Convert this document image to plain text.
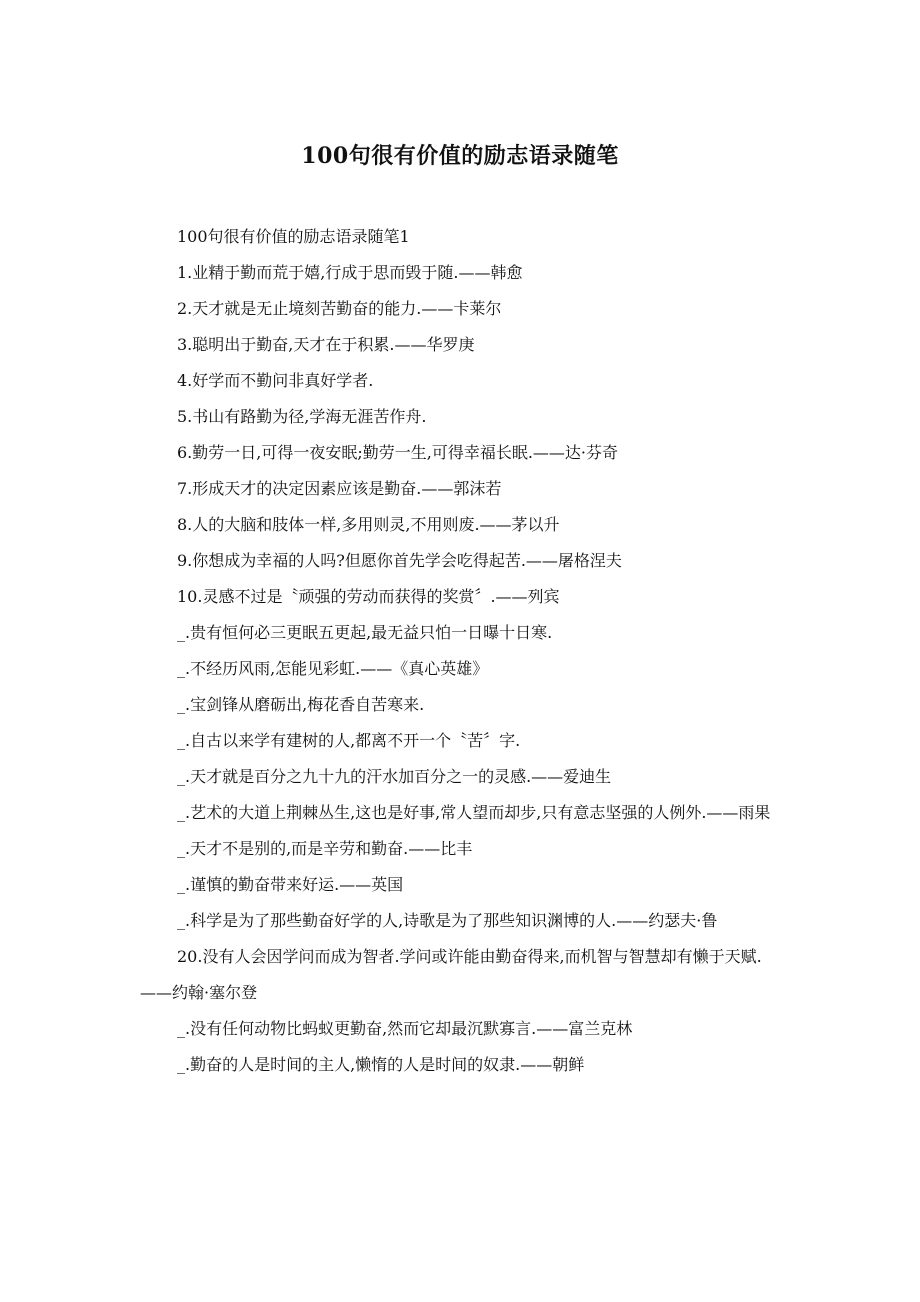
100句很有价值的励志语录随笔

100句很有价值的励志语录随笔1

1.业精于勤而荒于嬉,行成于思而毁于随.——韩愈

2.天才就是无止境刻苦勤奋的能力.——卡莱尔

3.聪明出于勤奋,天才在于积累.——华罗庚

4.好学而不勤问非真好学者.

5.书山有路勤为径,学海无涯苦作舟.

6.勤劳一日,可得一夜安眠;勤劳一生,可得幸福长眠.——达·芬奇

7.形成天才的决定因素应该是勤奋.——郭沫若

8.人的大脑和肢体一样,多用则灵,不用则废.——茅以升

9.你想成为幸福的人吗?但愿你首先学会吃得起苦.——屠格涅夫

10.灵感不过是〝顽强的劳动而获得的奖赏〞.——列宾

_.贵有恒何必三更眠五更起,最无益只怕一日曝十日寒.

_.不经历风雨,怎能见彩虹.——《真心英雄》

_.宝剑锋从磨砺出,梅花香自苦寒来.

_.自古以来学有建树的人,都离不开一个〝苦〞字.

_.天才就是百分之九十九的汗水加百分之一的灵感.——爱迪生

_.艺术的大道上荆棘丛生,这也是好事,常人望而却步,只有意志坚强的人例外.——雨果

_.天才不是别的,而是辛劳和勤奋.——比丰

_.谨慎的勤奋带来好运.——英国

_.科学是为了那些勤奋好学的人,诗歌是为了那些知识渊博的人.——约瑟夫·鲁

20.没有人会因学问而成为智者.学问或许能由勤奋得来,而机智与智慧却有懒于天赋.——约翰·塞尔登

_.没有任何动物比蚂蚁更勤奋,然而它却最沉默寡言.——富兰克林

_.勤奋的人是时间的主人,懒惰的人是时间的奴隶.——朝鲜
